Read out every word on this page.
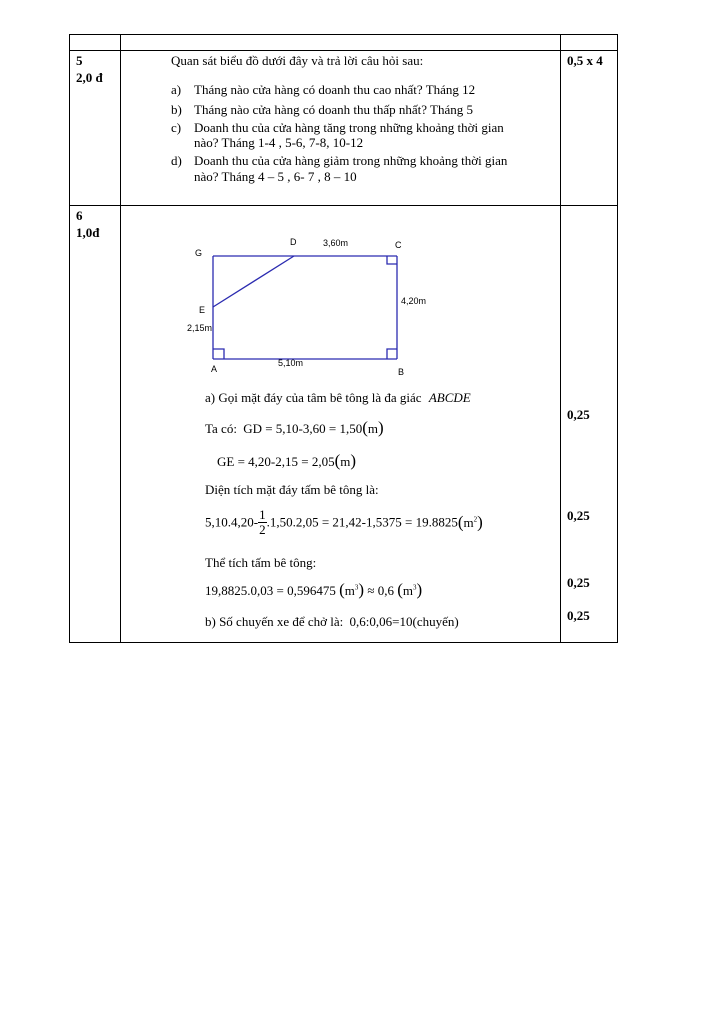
5
2,0 đ
0,5 x 4
Quan sát biểu đồ dưới đây và trả lời câu hỏi sau:
a) Tháng nào cửa hàng có doanh thu cao nhất? Tháng 12
b) Tháng nào cửa hàng có doanh thu thấp nhất? Tháng 5
c) Doanh thu của cửa hàng tăng trong những khoảng thời gian
nào? Tháng 1-4 , 5-6, 7-8, 10-12
d) Doanh thu của cửa hàng giảm trong những khoảng thời gian
nào? Tháng 4 – 5 , 6- 7 , 8 – 10
6
1,0đ
G
D	C
E
A	B
3,60m
4,20m
2,15m
5,10m
a) Gọi mặt đáy của tâm bê tông là đa giác ABCDE
Ta có: GD = 5,10-3,60 = 1,50(m)
GE = 4,20-2,15 = 2,05(m)
Diện tích mặt đáy tấm bê tông là:
$5,10.4,20- \frac{1}{2} .1,50.2,05 = 21,42-1,5375 = 19.8825(m^2)$
Thể tích tấm bê tông:
19,8825.0,03 = 0,596475 $(m^3) \approx 0,6$ $(m^3)$
b) Số chuyến xe để chở là: 0,6:0,06=10(chuyến)
0,25
0,25
0,25
0,25
